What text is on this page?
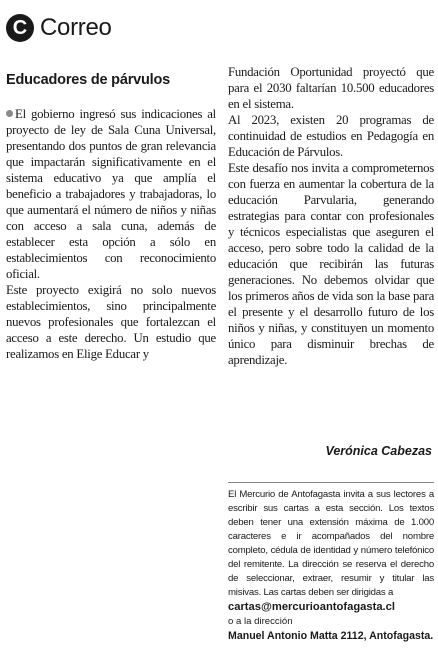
C Correo
Educadores de párvulos

El gobierno ingresó sus indicaciones al proyecto de ley de Sala Cuna Universal, presentando dos puntos de gran relevancia que impactarán significativamente en el sistema educativo ya que amplía el beneficio a trabajadores y trabajadoras, lo que aumentará el número de niños y niñas con acceso a sala cuna, además de establecer esta opción a sólo en establecimientos con reconocimiento oficial.

Este proyecto exigirá no solo nuevos establecimientos, sino principalmente nuevos profesionales que fortalezcan el acceso a este derecho. Un estudio que realizamos en Elige Educar y

Fundación Oportunidad proyectó que para el 2030 faltarían 10.500 educadores en el sistema.

Al 2023, existen 20 programas de continuidad de estudios en Pedagogía en Educación de Párvulos.

Este desafío nos invita a comprometernos con fuerza en aumentar la cobertura de la educación Parvularia, generando estrategias para contar con profesionales y técnicos especialistas que aseguren el acceso, pero sobre todo la calidad de la educación que recibirán las futuras generaciones. No debemos olvidar que los primeros años de vida son la base para el presente y el desarrollo futuro de los niños y niñas, y constituyen un momento único para disminuir brechas de aprendizaje.

Verónica Cabezas

El Mercurio de Antofagasta invita a sus lectores a escribir sus cartas a esta sección. Los textos deben tener una extensión máxima de 1.000 caracteres e ir acompañados del nombre completo, cédula de identidad y número telefónico del remitente. La dirección se reserva el derecho de seleccionar, extraer, resumir y titular las misivas. Las cartas deben ser dirigidas a

cartas@mercurioantofagasta.cl

o a la dirección

Manuel Antonio Matta 2112, Antofagasta.
